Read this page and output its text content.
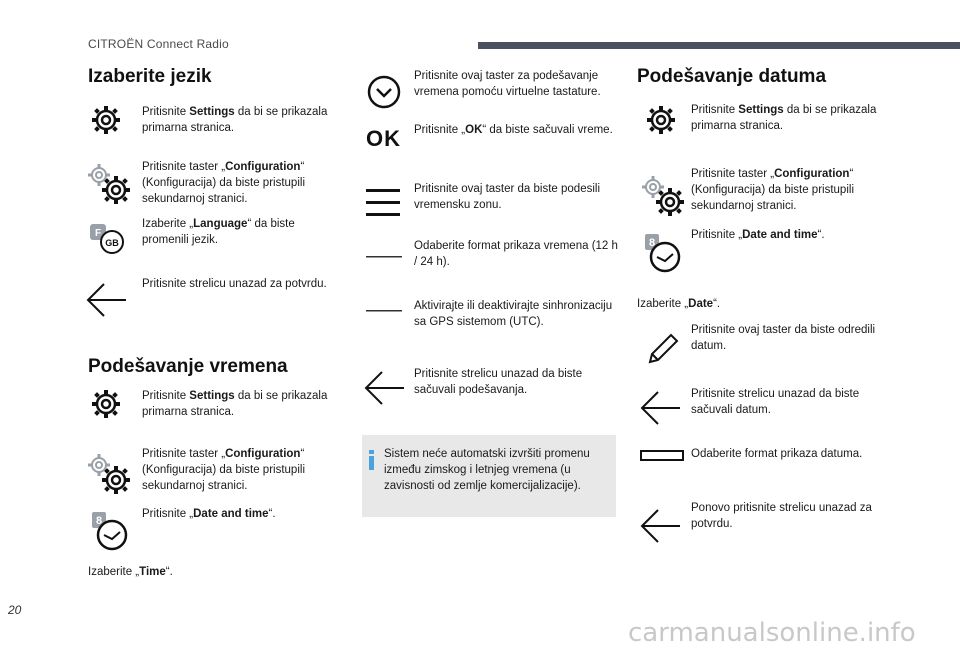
CITROËN Connect Radio
Izaberite jezik
Pritisnite Settings da bi se prikazala primarna stranica.
Pritisnite taster „Configuration“ (Konfiguracija) da biste pristupili sekundarnoj stranici.
F
GB
Izaberite „Language“ da biste promenili jezik.
Pritisnite strelicu unazad za potvrdu.
Podešavanje vremena
Pritisnite Settings da bi se prikazala primarna stranica.
Pritisnite taster „Configuration“ (Konfiguracija) da biste pristupili sekundarnoj stranici.
8
Pritisnite „Date and time“.
Izaberite „Time“.
Pritisnite ovaj taster za podešavanje vremena pomoću virtuelne tastature.
OK Pritisnite „OK“ da biste sačuvali vreme.
Pritisnite ovaj taster da biste podesili vremensku zonu.
Odaberite format prikaza vremena (12 h / 24 h).
Aktivirajte ili deaktivirajte sinhronizaciju sa GPS sistemom (UTC).
Pritisnite strelicu unazad da biste sačuvali podešavanja.
Sistem neće automatski izvršiti promenu između zimskog i letnjeg vremena (u zavisnosti od zemlje komercijalizacije).
Podešavanje datuma
Pritisnite Settings da bi se prikazala primarna stranica.
Pritisnite taster „Configuration“ (Konfiguracija) da biste pristupili sekundarnoj stranici.
8
Pritisnite „Date and time“.
Izaberite „Date“.
Pritisnite ovaj taster da biste odredili datum.
Pritisnite strelicu unazad da biste sačuvali datum.
Odaberite format prikaza datuma.
Ponovo pritisnite strelicu unazad za potvrdu.
20
carmanualsonline.info
